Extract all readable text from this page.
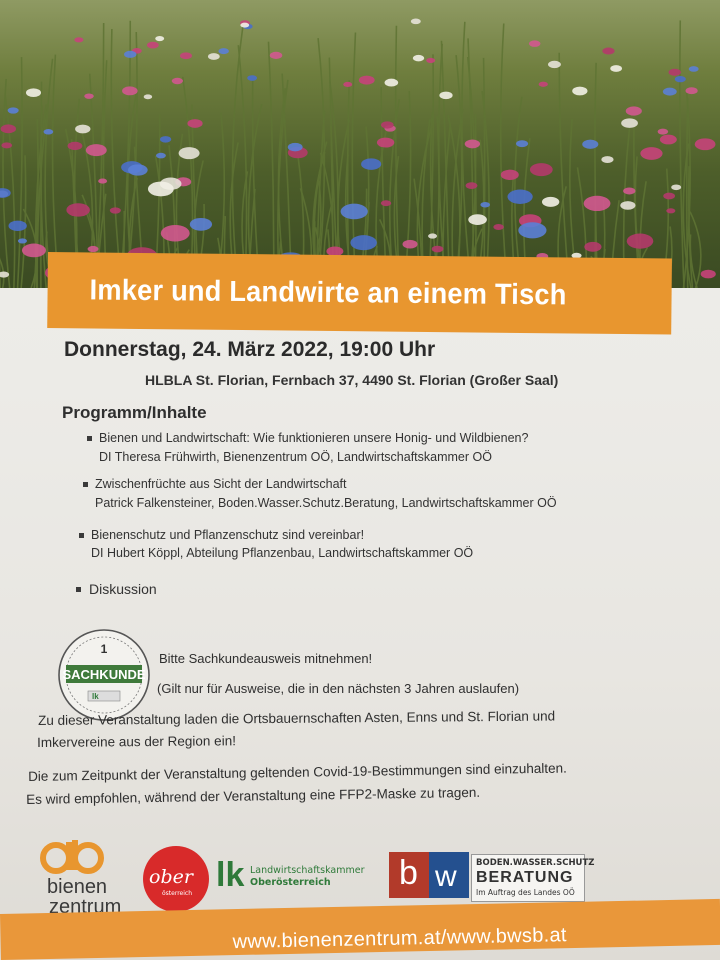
Imker und Landwirte an einem Tisch
Donnerstag, 24. März 2022, 19:00 Uhr
HLBLA St. Florian, Fernbach 37, 4490 St. Florian (Großer Saal)
Programm/Inhalte
Bienen und Landwirtschaft: Wie funktionieren unsere Honig- und Wildbienen?
DI Theresa Frühwirth, Bienenzentrum OÖ, Landwirtschaftskammer OÖ
Zwischenfrüchte aus Sicht der Landwirtschaft
Patrick Falkensteiner, Boden.Wasser.Schutz.Beratung, Landwirtschaftskammer OÖ
Bienenschutz und Pflanzenschutz sind vereinbar!
DI Hubert Köppl, Abteilung Pflanzenbau, Landwirtschaftskammer OÖ
Diskussion
1
SACHKUNDE
lk
Bitte Sachkundeausweis mitnehmen!
(Gilt nur für Ausweise, die in den nächsten 3 Jahren auslaufen)
Zu dieser Veranstaltung laden die Ortsbauernschaften Asten, Enns und St. Florian und
Imkervereine aus der Region ein!
Die zum Zeitpunkt der Veranstaltung geltenden Covid-19-Bestimmungen sind einzuhalten.
Es wird empfohlen, während der Veranstaltung eine FFP2-Maske zu tragen.
bienen
zentrum
ober
österreich lk Landwirtschaftskammer
Oberösterreich b w BODEN.WASSER.SCHUTZ
BERATUNG
Im Auftrag des Landes OÖ
www.bienenzentrum.at/www.bwsb.at
